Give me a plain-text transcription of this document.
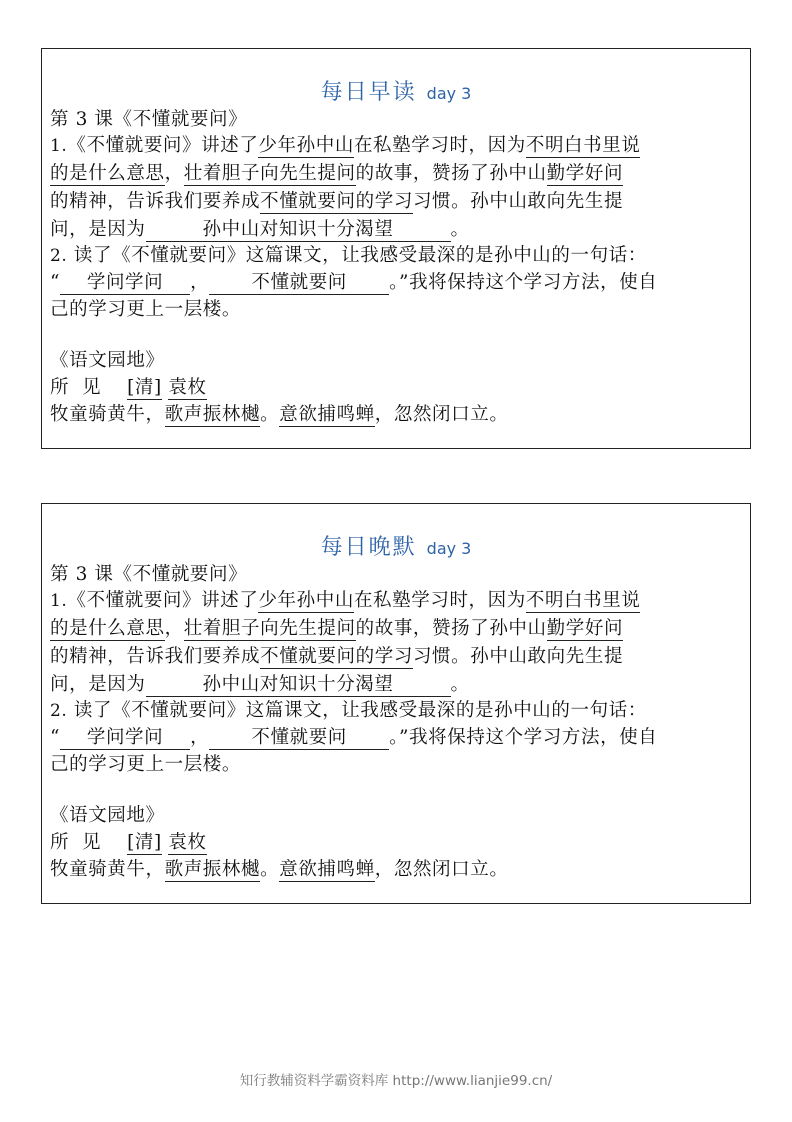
每日早读 day 3
第 3 课《不懂就要问》
1.《不懂就要问》讲述了少年孙中山在私塾学习时，因为不明白书里说
的是什么意思，壮着胆子向先生提问的故事，赞扬了孙中山勤学好问
的精神，告诉我们要养成不懂就要问的学习习惯。孙中山敢向先生提
问，是因为	孙中山对知识十分渴望	。
2. 读了《不懂就要问》这篇课文，让我感受最深的是孙中山的一句话：
“ 学问学问 ， 不懂就要问 。”我将保持这个学习方法，使自
己的学习更上一层楼。
《语文园地》
所  见 [清] 袁枚
牧童骑黄牛，歌声振林樾。意欲捕鸣蝉，忽然闭口立。
每日晚默 day 3
第 3 课《不懂就要问》
1.《不懂就要问》讲述了少年孙中山在私塾学习时，因为不明白书里说
的是什么意思，壮着胆子向先生提问的故事，赞扬了孙中山勤学好问
的精神，告诉我们要养成不懂就要问的学习习惯。孙中山敢向先生提
问，是因为	孙中山对知识十分渴望	。
2. 读了《不懂就要问》这篇课文，让我感受最深的是孙中山的一句话：
“ 学问学问 ， 不懂就要问 。”我将保持这个学习方法，使自
己的学习更上一层楼。
《语文园地》
所  见 [清] 袁枚
牧童骑黄牛，歌声振林樾。意欲捕鸣蝉，忽然闭口立。
知行教辅资料学霸资料库 http://www.lianjie99.cn/
